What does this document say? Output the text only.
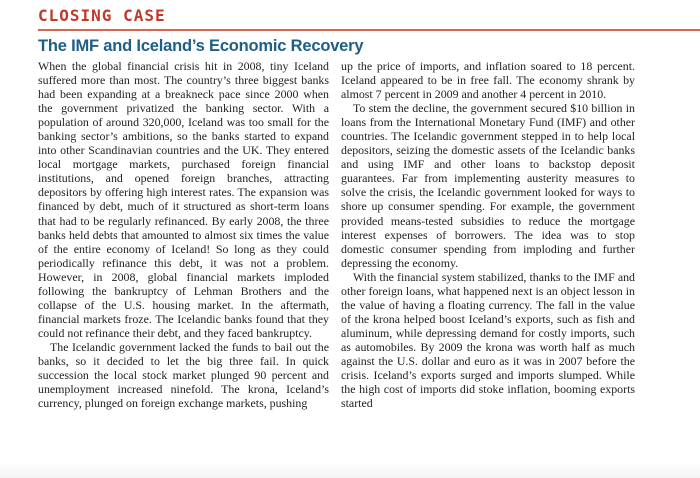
CLOSING CASE
The IMF and Iceland’s Economic Recovery

When the global financial crisis hit in 2008, tiny Iceland suffered more than most. The country’s three biggest banks had been expanding at a breakneck pace since 2000 when the government privatized the banking sector. With a population of around 320,000, Iceland was too small for the banking sector’s ambitions, so the banks started to expand into other Scandinavian countries and the UK. They entered local mortgage markets, purchased foreign financial institutions, and opened foreign branches, attracting depositors by offering high interest rates. The expansion was financed by debt, much of it structured as short-term loans that had to be regularly refinanced. By early 2008, the three banks held debts that amounted to almost six times the value of the entire economy of Iceland! So long as they could periodically refinance this debt, it was not a problem. However, in 2008, global financial markets imploded following the bankruptcy of Lehman Brothers and the collapse of the U.S. housing market. In the aftermath, financial markets froze. The Icelandic banks found that they could not refinance their debt, and they faced bankruptcy.

The Icelandic government lacked the funds to bail out the banks, so it decided to let the big three fail. In quick succession the local stock market plunged 90 percent and unemployment increased ninefold. The krona, Iceland’s currency, plunged on foreign exchange markets, pushing

up the price of imports, and inflation soared to 18 percent. Iceland appeared to be in free fall. The economy shrank by almost 7 percent in 2009 and another 4 percent in 2010.

To stem the decline, the government secured $10 billion in loans from the International Monetary Fund (IMF) and other countries. The Icelandic government stepped in to help local depositors, seizing the domestic assets of the Icelandic banks and using IMF and other loans to backstop deposit guarantees. Far from implementing austerity measures to solve the crisis, the Icelandic government looked for ways to shore up consumer spending. For example, the government provided means-tested subsidies to reduce the mortgage interest expenses of borrowers. The idea was to stop domestic consumer spending from imploding and further depressing the economy.

With the financial system stabilized, thanks to the IMF and other foreign loans, what happened next is an object lesson in the value of having a floating currency. The fall in the value of the krona helped boost Iceland’s exports, such as fish and aluminum, while depressing demand for costly imports, such as automobiles. By 2009 the krona was worth half as much against the U.S. dollar and euro as it was in 2007 before the crisis. Iceland’s exports surged and imports slumped. While the high cost of imports did stoke inflation, booming exports started
